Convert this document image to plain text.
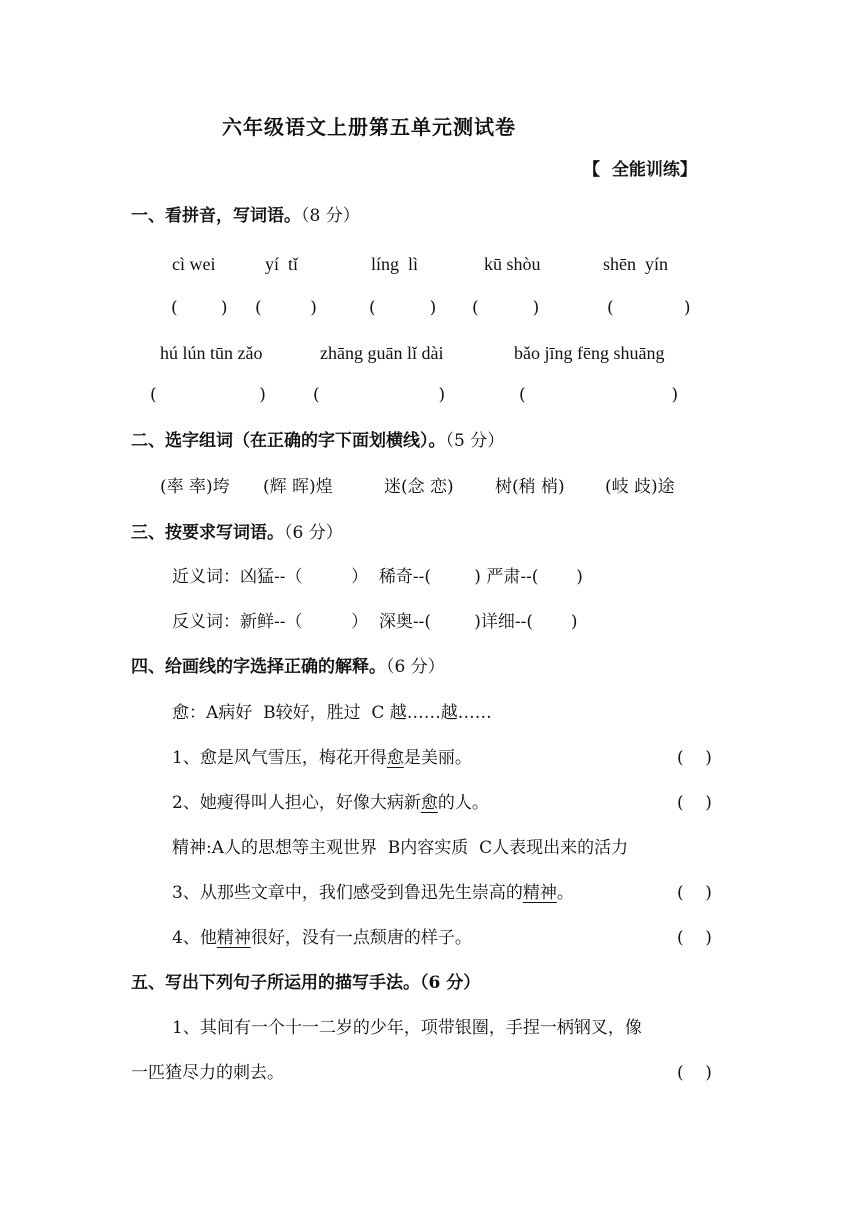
六年级语文上册第五单元测试卷
【  全能训练】
一、看拼音，写词语。（8 分）
cì wei	yí  tǐ	líng  lì	kū shòu	shēn  yín
(        ) (         )	(          ) (          )	(             )
hú lún tūn zǎo	zhāng guān lǐ dài	bǎo jīng fēng shuāng
(                   )	(                      )	(                           )
二、选字组词（在正确的字下面划横线）。（5 分）
(率 率)垮 (辉 晖)煌	迷(念 恋) 树(稍 梢) (岐 歧)途
三、按要求写词语。（6 分）
近义词：凶猛--（         ）  稀奇--(        ) 严肃--(       )
反义词：新鲜--（         ）  深奥--(        )详细--(       )
四、给画线的字选择正确的解释。（6 分）
愈：A病好  B较好，胜过  C 越……越……
1、愈是风气雪压，梅花开得愈是美丽。	(    )
2、她瘦得叫人担心，好像大病新愈的人。	(    )
精神:A人的思想等主观世界  B内容实质  C人表现出来的活力
3、从那些文章中，我们感受到鲁迅先生崇高的精神。	(    )
4、他精神很好，没有一点颓唐的样子。	(    )
五、写出下列句子所运用的描写手法。（6 分）
1、其间有一个十一二岁的少年，项带银圈，手捏一柄钢叉，像
一匹猹尽力的刺去。	(    )
